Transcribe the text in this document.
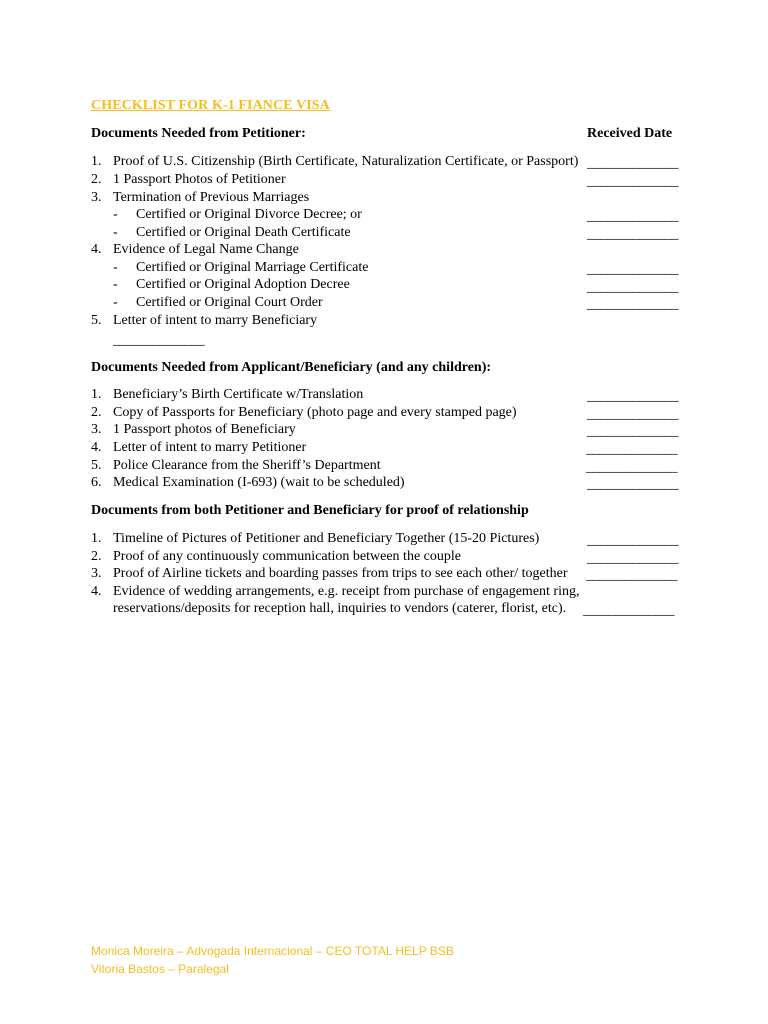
CHECKLIST FOR K-1 FIANCE VISA
Documents Needed from Petitioner:	Received Date
1. Proof of U.S. Citizenship (Birth Certificate, Naturalization Certificate, or Passport)
2. 1 Passport Photos of Petitioner
3. Termination of Previous Marriages
- Certified or Original Divorce Decree; or
- Certified or Original Death Certificate
4. Evidence of Legal Name Change
- Certified or Original Marriage Certificate
- Certified or Original Adoption Decree
- Certified or Original Court Order
5. Letter of intent to marry Beneficiary
______________
______________
______________
______________
______________
______________
______________
______________
Documents Needed from Applicant/Beneficiary (and any children):
1. Beneficiary’s Birth Certificate w/Translation
2. Copy of Passports for Beneficiary (photo page and every stamped page)
3. 1 Passport photos of Beneficiary
4. Letter of intent to marry Petitioner
5. Police Clearance from the Sheriff’s Department
6. Medical Examination (I-693) (wait to be scheduled)
______________
______________
______________
______________
______________
______________
Documents from both Petitioner and Beneficiary for proof of relationship
1. Timeline of Pictures of Petitioner and Beneficiary Together (15-20 Pictures)
2. Proof of any continuously communication between the couple
3. Proof of Airline tickets and boarding passes from trips to see each other/ together
4. Evidence of wedding arrangements, e.g. receipt from purchase of engagement ring,
reservations/deposits for reception hall, inquiries to vendors (caterer, florist, etc).
______________
______________
______________
______________
Monica Moreira – Advogada Internacional – CEO TOTAL HELP BSB
Vitoria Bastos – Paralegal
